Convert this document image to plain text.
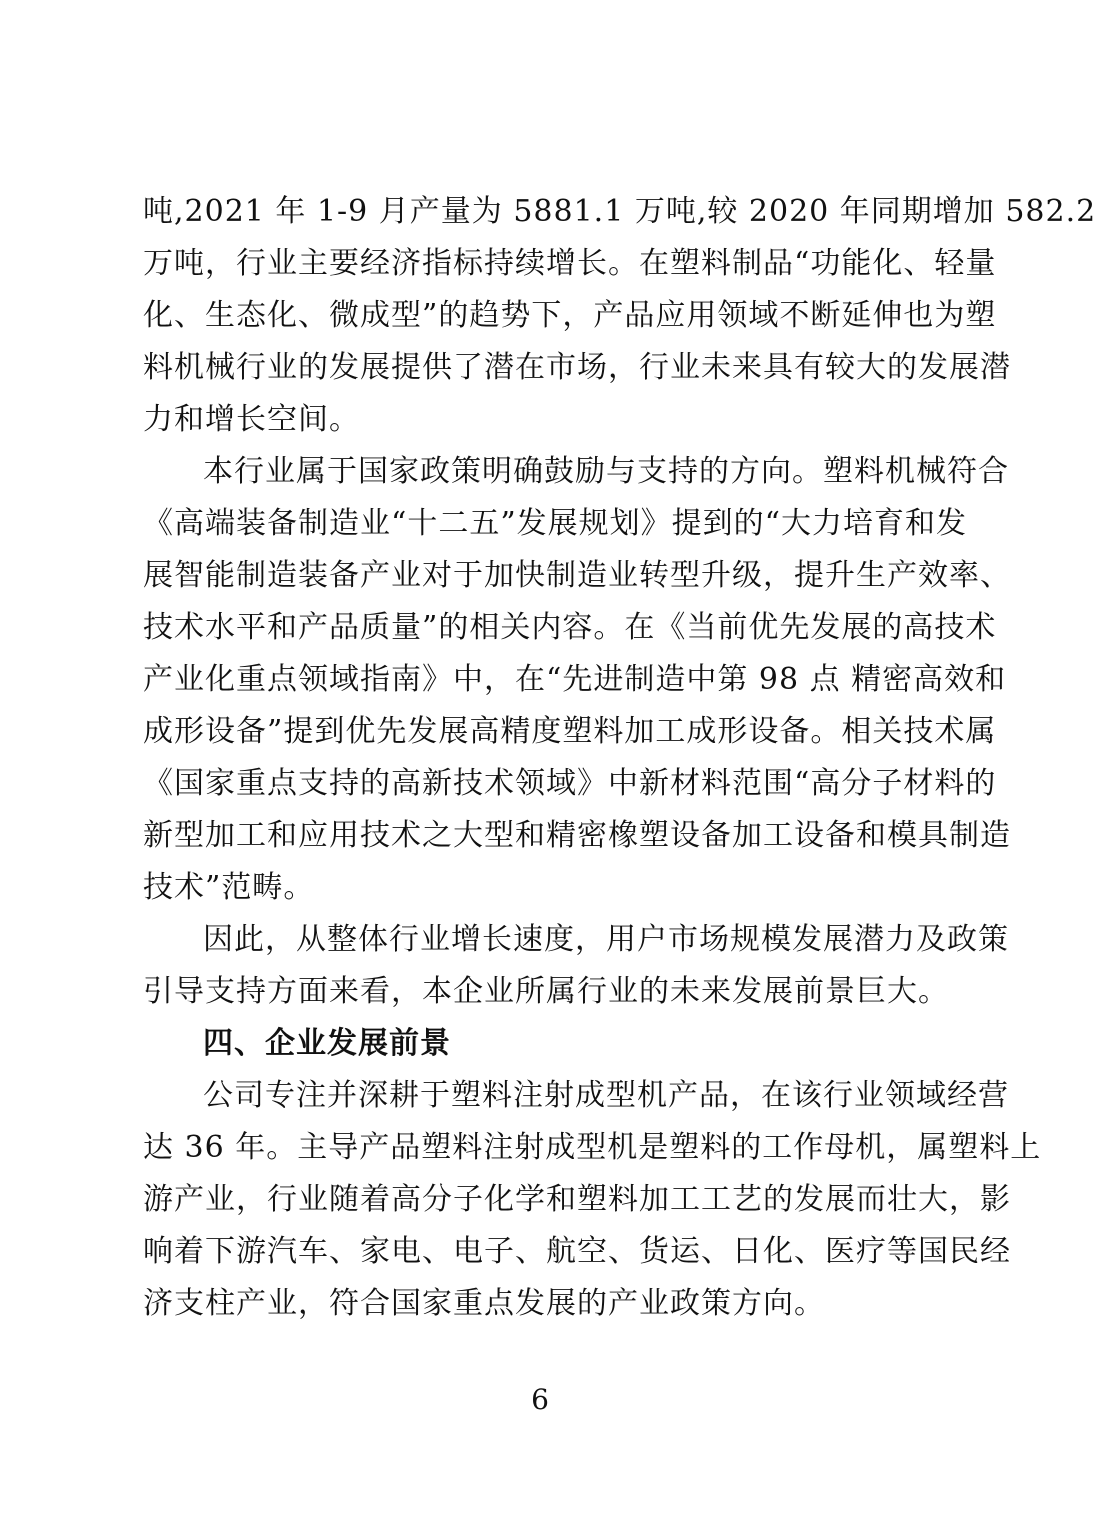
吨,2021 年 1-9 月产量为 5881.1 万吨,较 2020 年同期增加 582.2
万吨，行业主要经济指标持续增长。在塑料制品“功能化、轻量
化、生态化、微成型”的趋势下，产品应用领域不断延伸也为塑
料机械行业的发展提供了潜在市场，行业未来具有较大的发展潜
力和增长空间。
本行业属于国家政策明确鼓励与支持的方向。塑料机械符合
《高端装备制造业“十二五”发展规划》提到的“大力培育和发
展智能制造装备产业对于加快制造业转型升级，提升生产效率、
技术水平和产品质量”的相关内容。在《当前优先发展的高技术
产业化重点领域指南》中，在“先进制造中第 98 点 精密高效和
成形设备”提到优先发展高精度塑料加工成形设备。相关技术属
《国家重点支持的高新技术领域》中新材料范围“高分子材料的
新型加工和应用技术之大型和精密橡塑设备加工设备和模具制造
技术”范畴。
因此，从整体行业增长速度，用户市场规模发展潜力及政策
引导支持方面来看，本企业所属行业的未来发展前景巨大。
四、企业发展前景
公司专注并深耕于塑料注射成型机产品，在该行业领域经营
达 36 年。主导产品塑料注射成型机是塑料的工作母机，属塑料上
游产业，行业随着高分子化学和塑料加工工艺的发展而壮大，影
响着下游汽车、家电、电子、航空、货运、日化、医疗等国民经
济支柱产业，符合国家重点发展的产业政策方向。
6
